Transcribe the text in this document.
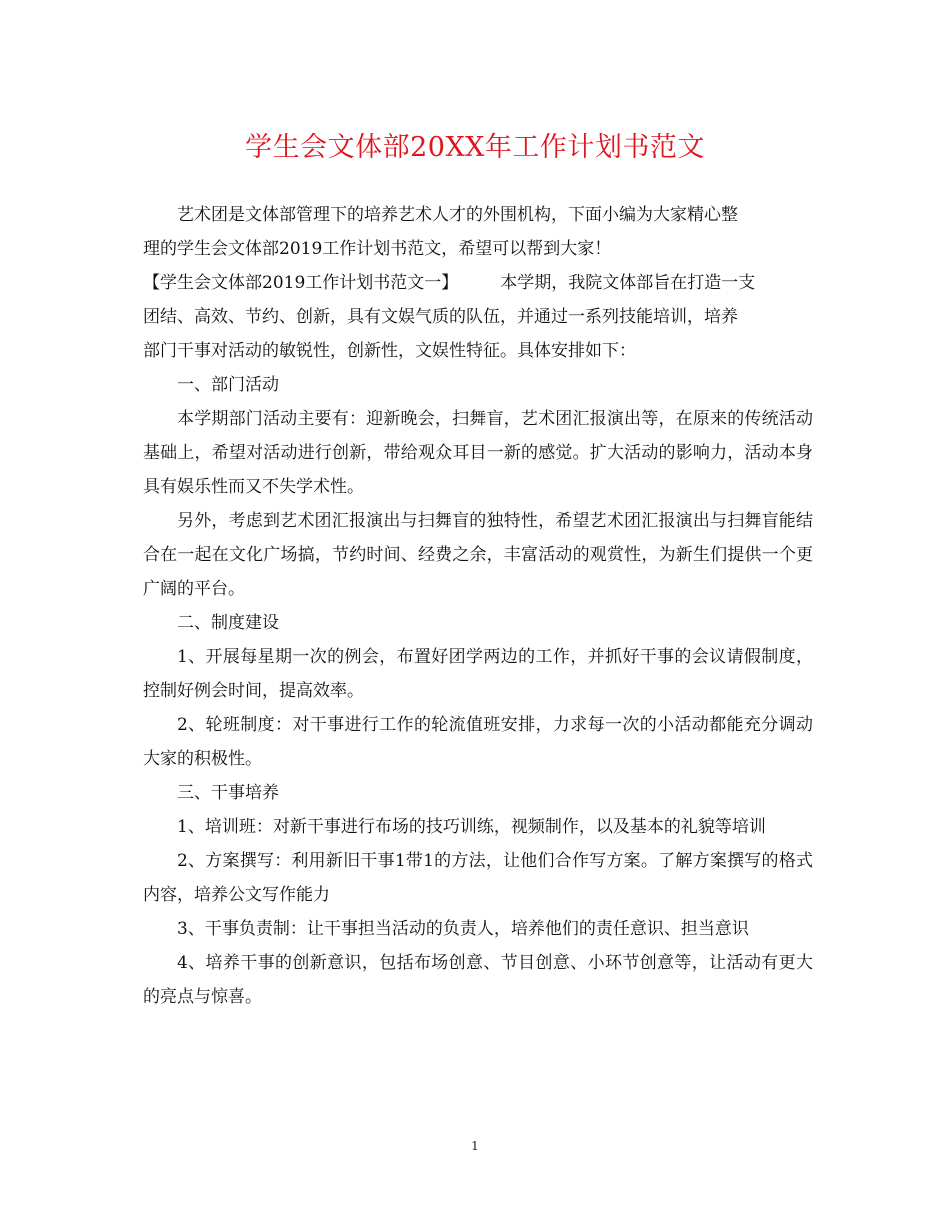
学生会文体部20XX年工作计划书范文

艺术团是文体部管理下的培养艺术人才的外围机构，下面小编为大家精心整

理的学生会文体部2019工作计划书范文，希望可以帮到大家！

【学生会文体部2019工作计划书范文一】	本学期，我院文体部旨在打造一支

团结、高效、节约、创新，具有文娱气质的队伍，并通过一系列技能培训，培养

部门干事对活动的敏锐性，创新性，文娱性特征。具体安排如下：

一、部门活动

本学期部门活动主要有：迎新晚会，扫舞盲，艺术团汇报演出等，在原来的传统活动基础上，希望对活动进行创新，带给观众耳目一新的感觉。扩大活动的影响力，活动本身具有娱乐性而又不失学术性。

另外，考虑到艺术团汇报演出与扫舞盲的独特性，希望艺术团汇报演出与扫舞盲能结合在一起在文化广场搞，节约时间、经费之余，丰富活动的观赏性，为新生们提供一个更广阔的平台。

二、制度建设

1、开展每星期一次的例会，布置好团学两边的工作，并抓好干事的会议请假制度，控制好例会时间，提高效率。

2、轮班制度：对干事进行工作的轮流值班安排，力求每一次的小活动都能充分调动大家的积极性。

三、干事培养

1、培训班：对新干事进行布场的技巧训练，视频制作，以及基本的礼貌等培训

2、方案撰写：利用新旧干事1带1的方法，让他们合作写方案。了解方案撰写的格式内容，培养公文写作能力

3、干事负责制：让干事担当活动的负责人，培养他们的责任意识、担当意识

4、培养干事的创新意识，包括布场创意、节目创意、小环节创意等，让活动有更大的亮点与惊喜。

1
